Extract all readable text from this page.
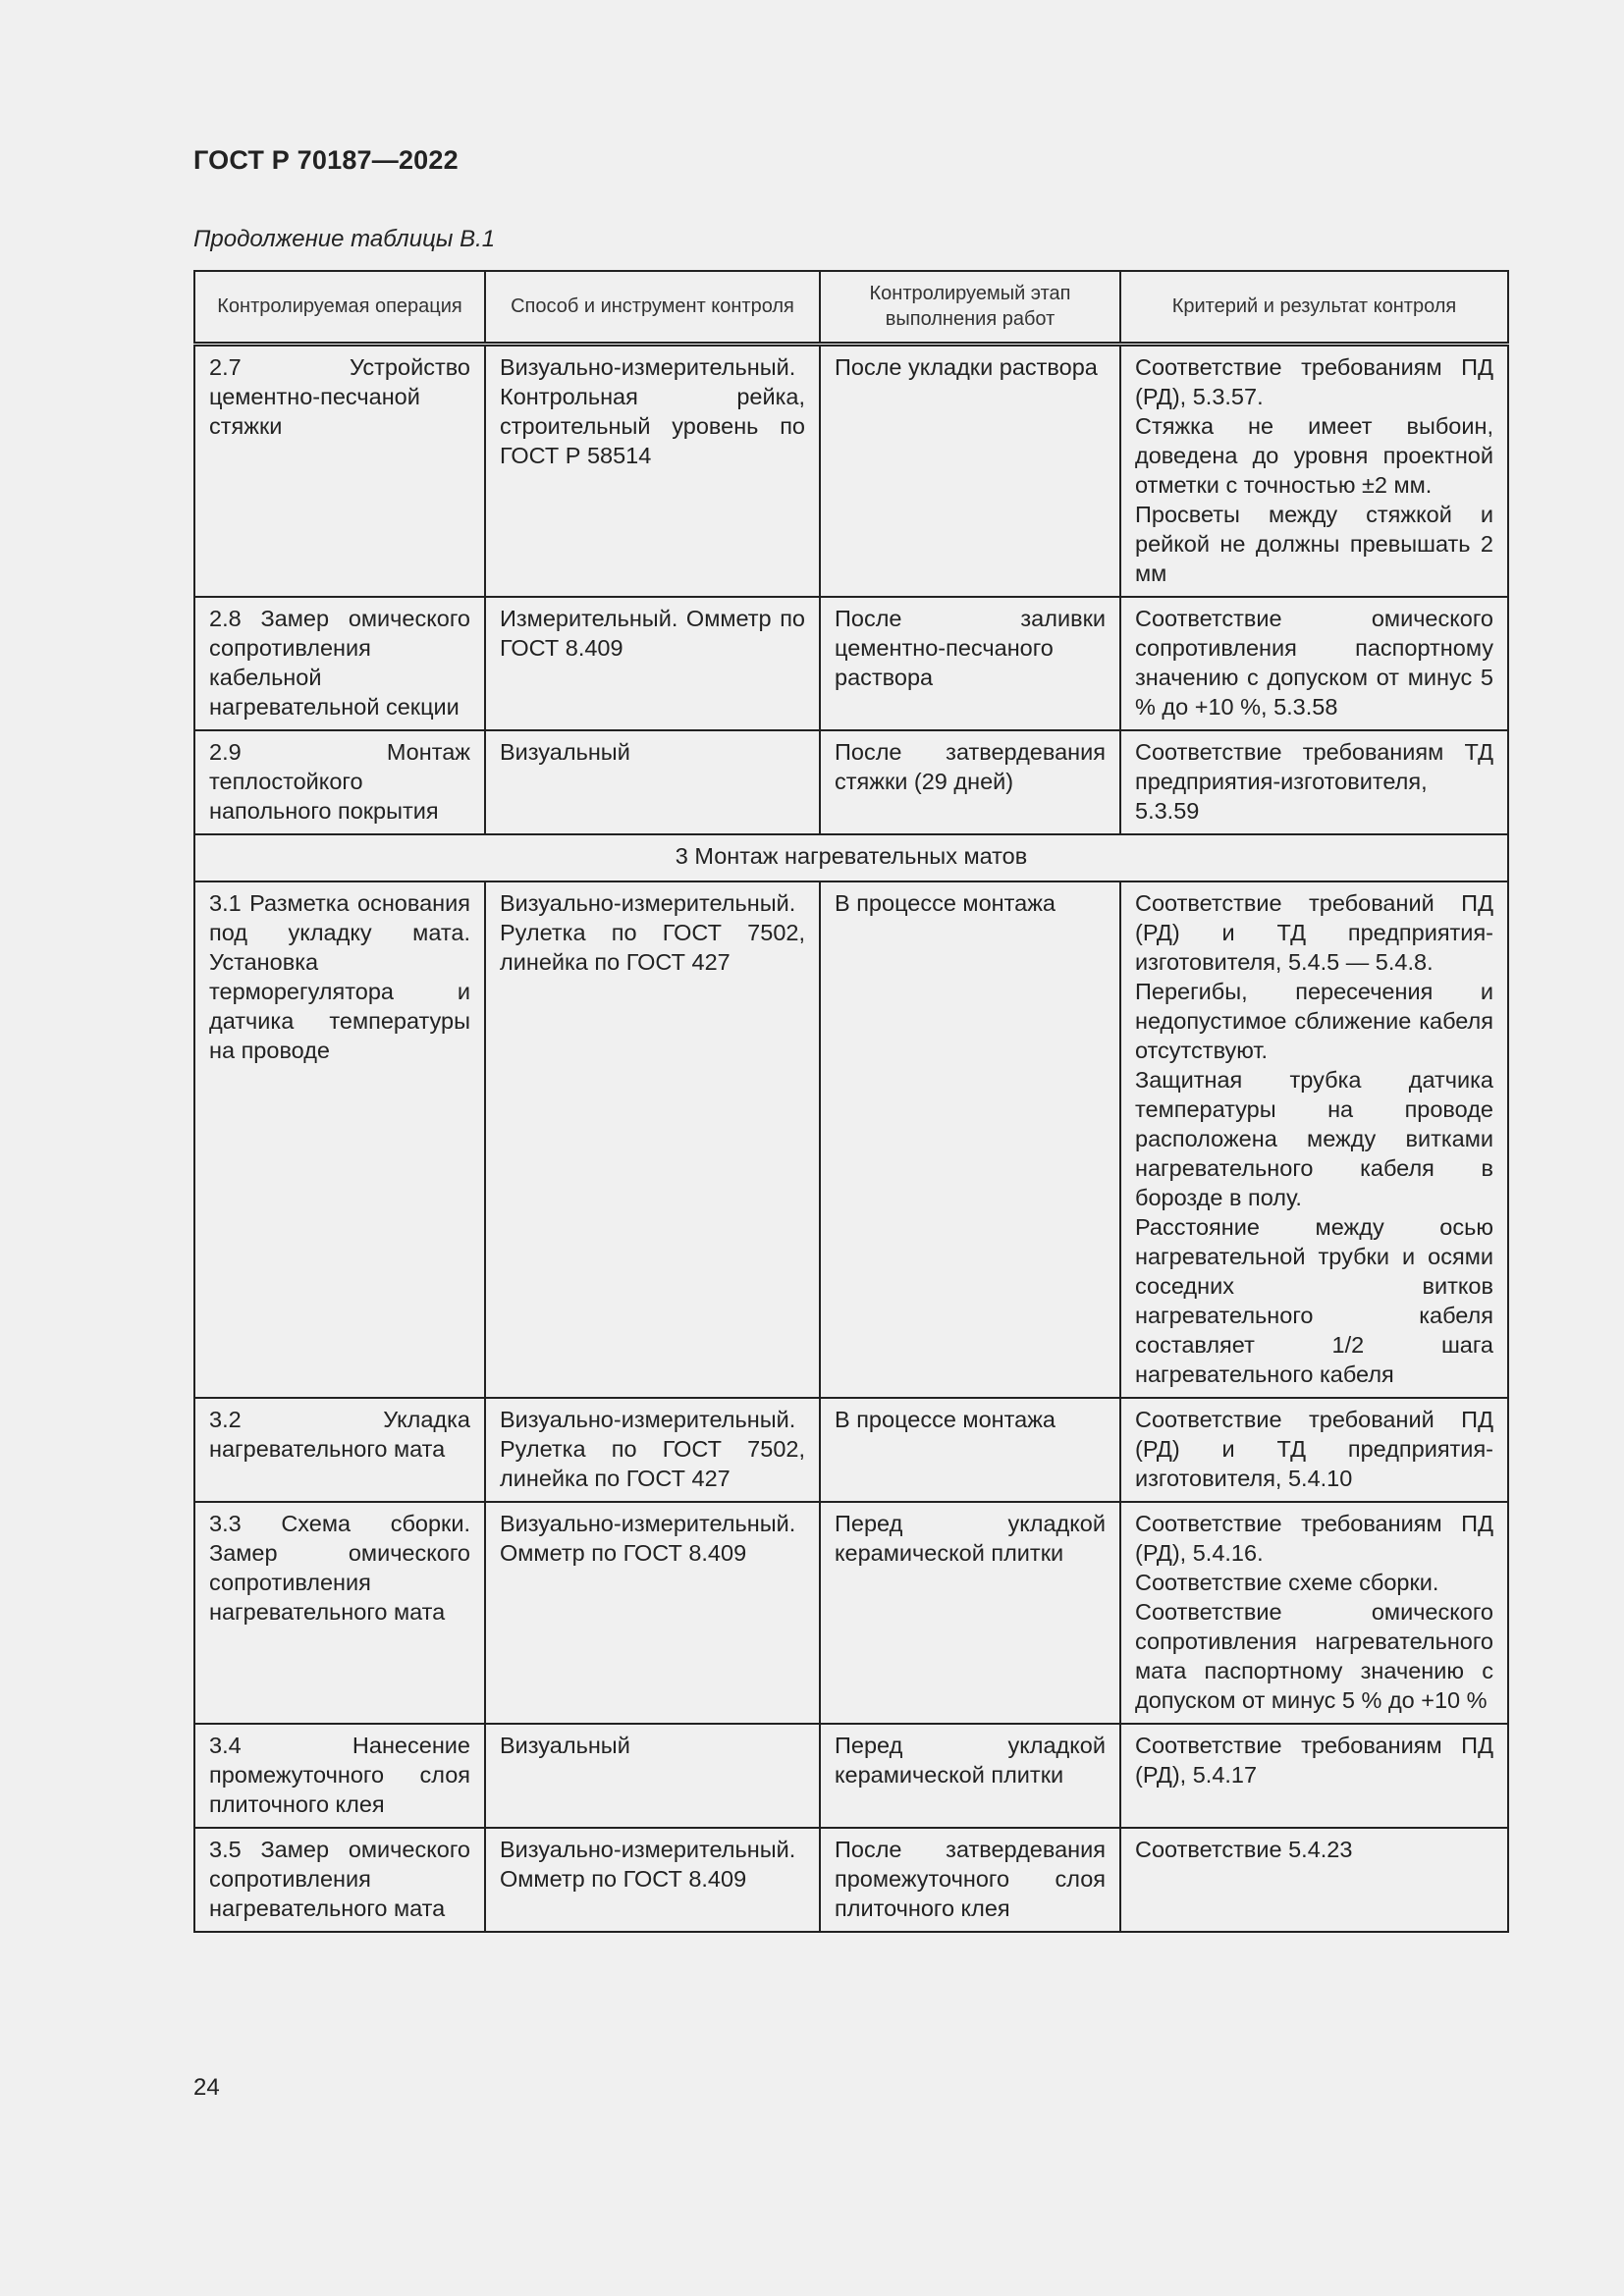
ГОСТ Р 70187—2022
Продолжение таблицы В.1
Контролируемая операция	Способ и инструмент контроля	Контролируемый этап выполнения работ	Критерий и результат контроля
2.7 Устройство цементно-песчаной стяжки	Визуально-измерительный. Контрольная рейка, строительный уровень по ГОСТ Р 58514	После укладки раствора	Соответствие требованиям ПД (РД), 5.3.57.
Стяжка не имеет выбоин, доведена до уровня проектной отметки с точностью ±2 мм.
Просветы между стяжкой и рейкой не должны превышать 2 мм

2.8 Замер омического сопротивления кабельной нагревательной секции	Измерительный. Омметр по ГОСТ 8.409	После заливки цементно-песчаного раствора	Соответствие омического сопротивления паспортному значению с допуском от минус 5 % до +10 %, 5.3.58

2.9 Монтаж теплостойкого напольного покрытия	Визуальный	После затвердевания стяжки (29 дней)	Соответствие требованиям ТД предприятия-изготовителя, 5.3.59

3 Монтаж нагревательных матов			
3.1 Разметка основания под укладку мата. Установка терморегулятора и датчика температуры на проводе	Визуально-измерительный. Рулетка по ГОСТ 7502, линейка по ГОСТ 427	В процессе монтажа	Соответствие требований ПД (РД) и ТД предприятия-изготовителя, 5.4.5 — 5.4.8.
Перегибы, пересечения и недопустимое сближение кабеля отсутствуют.
Защитная трубка датчика температуры на проводе расположена между витками нагревательного кабеля в борозде в полу.
Расстояние между осью нагревательной трубки и осями соседних витков нагревательного кабеля составляет 1/2 шага нагревательного кабеля

3.2 Укладка нагревательного мата	Визуально-измерительный. Рулетка по ГОСТ 7502, линейка по ГОСТ 427	В процессе монтажа	Соответствие требований ПД (РД) и ТД предприятия-изготовителя, 5.4.10

3.3 Схема сборки. Замер омического сопротивления нагревательного мата	Визуально-измерительный. Омметр по ГОСТ 8.409	Перед укладкой керамической плитки	Соответствие требованиям ПД (РД), 5.4.16.
Соответствие схеме сборки.
Соответствие омического сопротивления нагревательного мата паспортному значению с допуском от минус 5 % до +10 %

3.4 Нанесение промежуточного слоя плиточного клея	Визуальный	Перед укладкой керамической плитки	Соответствие требованиям ПД (РД), 5.4.17

3.5 Замер омического сопротивления нагревательного мата	Визуально-измерительный. Омметр по ГОСТ 8.409	После затвердевания промежуточного слоя плиточного клея	Соответствие 5.4.23
24
